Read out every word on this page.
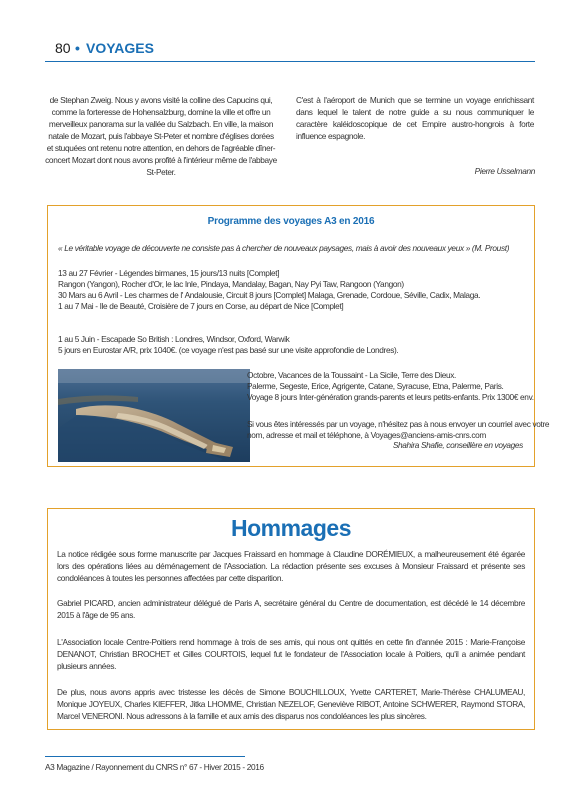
80 • VOYAGES
de Stephan Zweig. Nous y avons visité la colline des Capucins qui, comme la forteresse de Hohensalzburg, domine la ville et offre un merveilleux panorama sur la vallée du Salzbach. En ville, la maison natale de Mozart, puis l'abbaye St-Peter et nombre d'églises dorées et stuquées ont retenu notre attention, en dehors de l'agréable dîner-concert Mozart dont nous avons profité à l'intérieur même de l'abbaye St-Peter.
C'est à l'aéroport de Munich que se termine un voyage enrichissant dans lequel le talent de notre guide a su nous communiquer le caractère kaléidoscopique de cet Empire austro-hongrois à forte influence espagnole.
Pierre Usselmann
Programme des voyages A3 en 2016
« Le véritable voyage de découverte ne consiste pas à chercher de nouveaux paysages, mais à avoir des nouveaux yeux » (M. Proust)
13 au 27 Février - Légendes birmanes, 15 jours/13 nuits [Complet]
Rangon (Yangon), Rocher d'Or, le lac Inle, Pindaya, Mandalay, Bagan, Nay Pyi Taw, Rangoon (Yangon)
30 Mars au 6 Avril - Les charmes de l' Andalousie, Circuit 8 jours [Complet] Malaga, Grenade, Cordoue, Séville, Cadix, Malaga.
1 au 7 Mai - Ile de Beauté, Croisière de 7 jours en Corse, au départ de Nice [Complet]
1 au 5 Juin - Escapade So British : Londres, Windsor, Oxford, Warwik
5 jours en Eurostar A/R, prix 1040€. (ce voyage n'est pas basé sur une visite approfondie de Londres).
Octobre, Vacances de la Toussaint - La Sicile, Terre des Dieux.
Palerme, Segeste, Erice, Agrigente, Catane, Syracuse, Etna, Palerme, Paris.
Voyage 8 jours Inter-génération grands-parents et leurs petits-enfants. Prix 1300€ env.
Si vous êtes intéressés par un voyage, n'hésitez pas à nous envoyer un courriel avec votre
nom, adresse et mail et téléphone, à Voyages@anciens-amis-cnrs.com
Shahira Shafie, conseillère en voyages
Hommages
La notice rédigée sous forme manuscrite par Jacques Fraissard en hommage à Claudine DORÉMIEUX, a malheureusement été égarée lors des opérations liées au déménagement de l'Association. La rédaction présente ses excuses à Monsieur Fraissard et présente ses condoléances à toutes les personnes affectées par cette disparition.
Gabriel PICARD, ancien administrateur délégué de Paris A, secrétaire général du Centre de documentation, est décédé le 14 décembre 2015 à l'âge de 95 ans.
L'Association locale Centre-Poitiers rend hommage à trois de ses amis, qui nous ont quittés en cette fin d'année 2015 : Marie-Françoise DENANOT, Christian BROCHET et Gilles COURTOIS, lequel fut le fondateur de l'Association locale à Poitiers, qu'il a animée pendant plusieurs années.
De plus, nous avons appris avec tristesse les décès de Simone BOUCHILLOUX, Yvette CARTERET, Marie-Thérèse CHALUMEAU, Monique JOYEUX, Charles KIEFFER, Jitka LHOMME, Christian NEZELOF, Geneviève RIBOT, Antoine SCHWERER, Raymond STORA, Marcel VENERONI. Nous adressons à la famille et aux amis des disparus nos condoléances les plus sincères.
A3 Magazine / Rayonnement du CNRS n° 67 - Hiver 2015 - 2016
